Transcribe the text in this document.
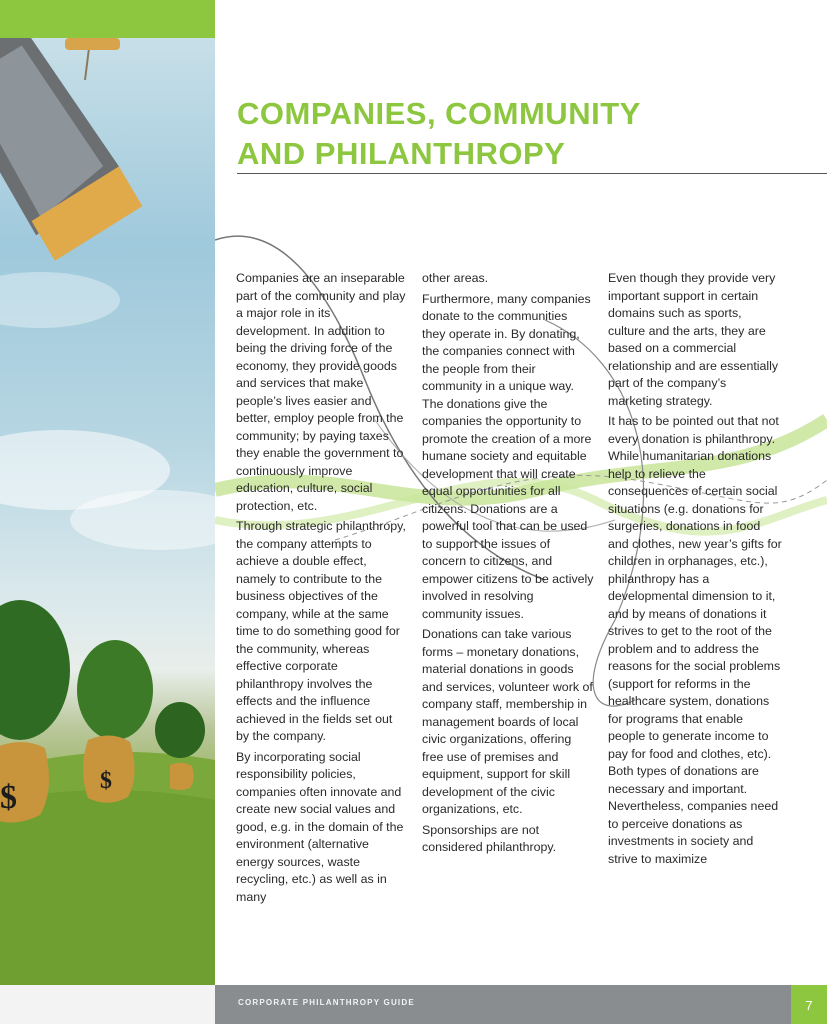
$	$
COMPANIES, COMMUNITY
AND PHILANTHROPY

Companies are an inseparable part of the community and play a major role in its development. In addition to being the driving force of the economy, they provide goods and services that make people’s lives easier and better, employ people from the community; by paying taxes they enable the government to continuously improve education, culture, social protection, etc.

Through strategic philanthropy, the company attempts to achieve a double effect, namely to contribute to the business objectives of the company, while at the same time to do something good for the community, whereas effective corporate philanthropy involves the effects and the influence achieved in the fields set out by the company.

By incorporating social responsibility policies, companies often innovate and create new social values and good, e.g. in the domain of the environment (alternative energy sources, waste recycling, etc.) as well as in many

other areas.

Furthermore, many companies donate to the communities they operate in. By donating, the companies connect with the people from their community in a unique way. The donations give the companies the opportunity to promote the creation of a more humane society and equitable development that will create equal opportunities for all citizens. Donations are a powerful tool that can be used to support the issues of concern to citizens, and empower citizens to be actively involved in resolving community issues.

Donations can take various forms – monetary donations, material donations in goods and services, volunteer work of company staff, membership in management boards of local civic organizations, offering free use of premises and equipment, support for skill development of the civic organizations, etc.

Sponsorships are not considered philanthropy.

Even though they provide very important support in certain domains such as sports, culture and the arts, they are based on a commercial relationship and are essentially part of the company’s marketing strategy.

It has to be pointed out that not every donation is philanthropy. While humanitarian donations help to relieve the consequences of certain social situations (e.g. donations for surgeries, donations in food and clothes, new year’s gifts for children in orphanages, etc.), philanthropy has a developmental dimension to it, and by means of donations it strives to get to the root of the problem and to address the reasons for the social problems (support for reforms in the healthcare system, donations for programs that enable people to generate income to pay for food and clothes, etc). Both types of donations are necessary and important. Nevertheless, companies need to perceive donations as investments in society and strive to maximize

CORPORATE PHILANTHROPY GUIDE	7
